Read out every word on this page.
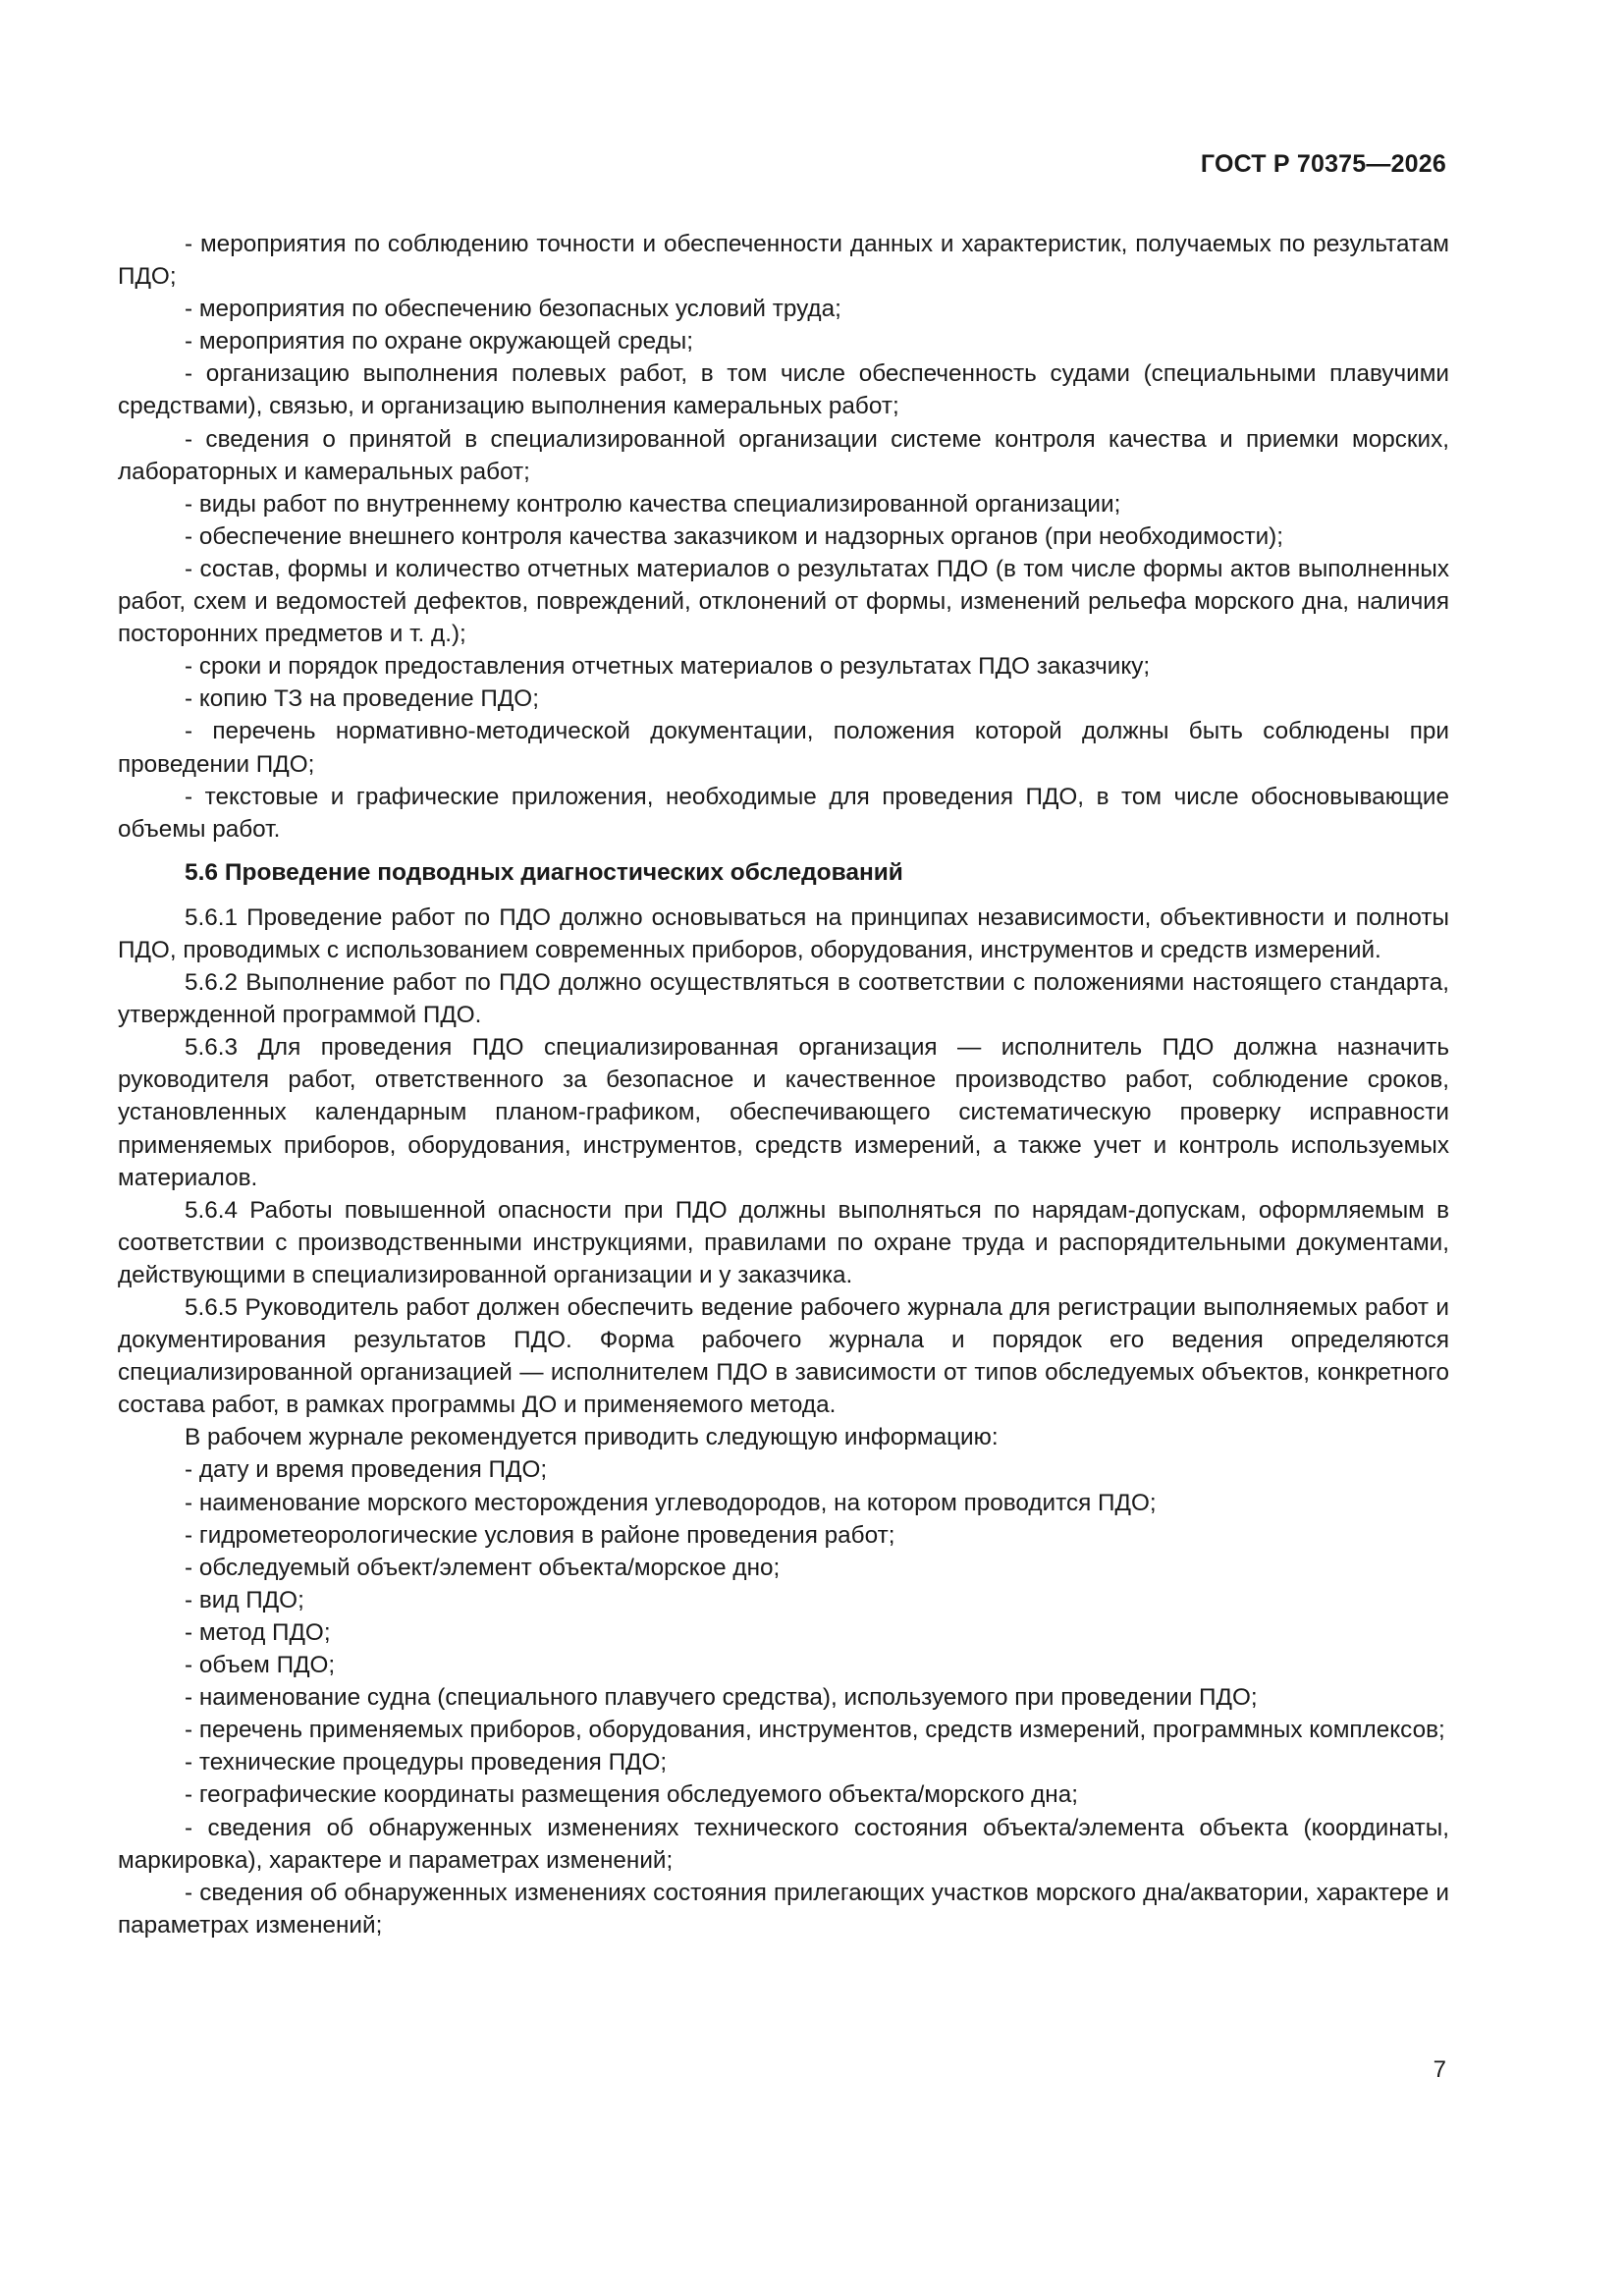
ГОСТ Р 70375—2026

- мероприятия по соблюдению точности и обеспеченности данных и характеристик, получаемых по результатам ПДО;

- мероприятия по обеспечению безопасных условий труда;

- мероприятия по охране окружающей среды;

- организацию выполнения полевых работ, в том числе обеспеченность судами (специальными плавучими средствами), связью, и организацию выполнения камеральных работ;

- сведения о принятой в специализированной организации системе контроля качества и приемки морских, лабораторных и камеральных работ;

- виды работ по внутреннему контролю качества специализированной организации;

- обеспечение внешнего контроля качества заказчиком и надзорных органов (при необходимости);

- состав, формы и количество отчетных материалов о результатах ПДО (в том числе формы актов выполненных работ, схем и ведомостей дефектов, повреждений, отклонений от формы, изменений рельефа морского дна, наличия посторонних предметов и т. д.);

- сроки и порядок предоставления отчетных материалов о результатах ПДО заказчику;

- копию ТЗ на проведение ПДО;

- перечень нормативно-методической документации, положения которой должны быть соблюдены при проведении ПДО;

- текстовые и графические приложения, необходимые для проведения ПДО, в том числе обосновывающие объемы работ.

5.6 Проведение подводных диагностических обследований

5.6.1 Проведение работ по ПДО должно основываться на принципах независимости, объективности и полноты ПДО, проводимых с использованием современных приборов, оборудования, инструментов и средств измерений.

5.6.2 Выполнение работ по ПДО должно осуществляться в соответствии с положениями настоящего стандарта, утвержденной программой ПДО.

5.6.3 Для проведения ПДО специализированная организация — исполнитель ПДО должна назначить руководителя работ, ответственного за безопасное и качественное производство работ, соблюдение сроков, установленных календарным планом-графиком, обеспечивающего систематическую проверку исправности применяемых приборов, оборудования, инструментов, средств измерений, а также учет и контроль используемых материалов.

5.6.4 Работы повышенной опасности при ПДО должны выполняться по нарядам-допускам, оформляемым в соответствии с производственными инструкциями, правилами по охране труда и распорядительными документами, действующими в специализированной организации и у заказчика.

5.6.5 Руководитель работ должен обеспечить ведение рабочего журнала для регистрации выполняемых работ и документирования результатов ПДО. Форма рабочего журнала и порядок его ведения определяются специализированной организацией — исполнителем ПДО в зависимости от типов обследуемых объектов, конкретного состава работ, в рамках программы ДО и применяемого метода.

В рабочем журнале рекомендуется приводить следующую информацию:

- дату и время проведения ПДО;

- наименование морского месторождения углеводородов, на котором проводится ПДО;

- гидрометеорологические условия в районе проведения работ;

- обследуемый объект/элемент объекта/морское дно;

- вид ПДО;

- метод ПДО;

- объем ПДО;

- наименование судна (специального плавучего средства), используемого при проведении ПДО;

- перечень применяемых приборов, оборудования, инструментов, средств измерений, программных комплексов;

- технические процедуры проведения ПДО;

- географические координаты размещения обследуемого объекта/морского дна;

- сведения об обнаруженных изменениях технического состояния объекта/элемента объекта (координаты, маркировка), характере и параметрах изменений;

- сведения об обнаруженных изменениях состояния прилегающих участков морского дна/акватории, характере и параметрах изменений;

7
